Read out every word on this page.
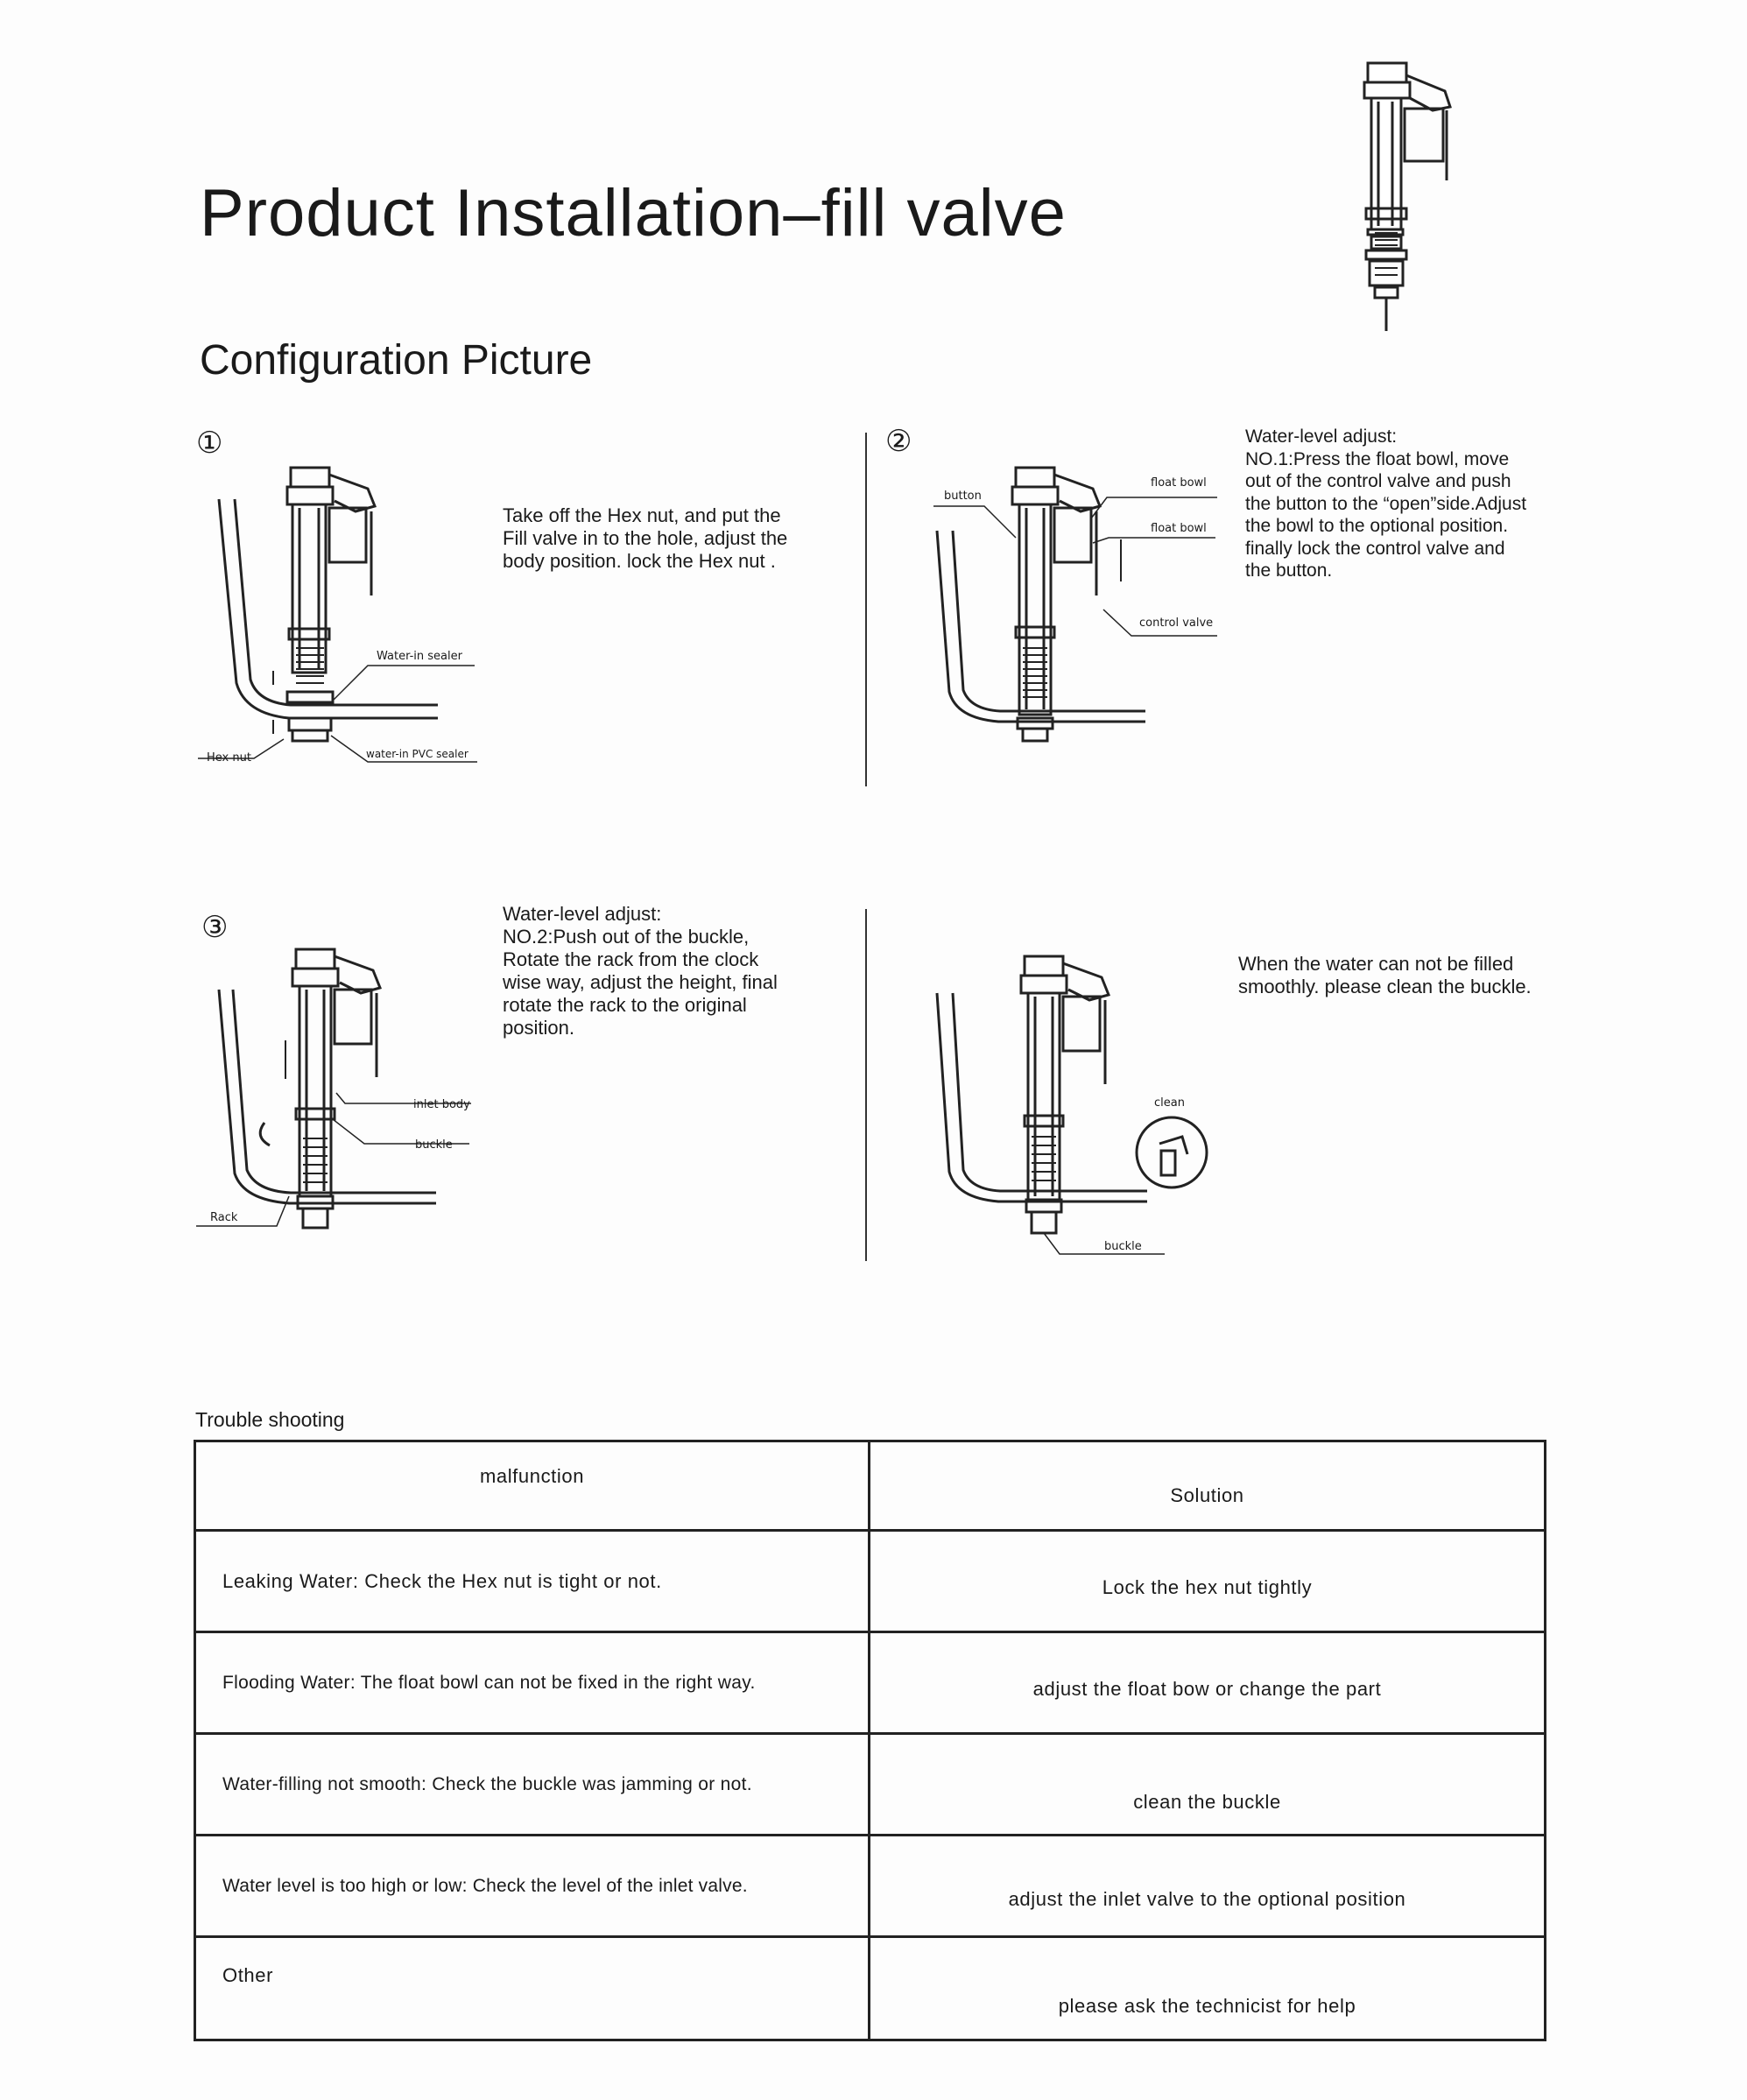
Product Installation–fill valve
Configuration Picture
①
Take off the Hex nut, and put the
Fill valve in to the hole, adjust the
body position. lock the Hex nut .
Water-in sealer
Hex nut	water-in PVC sealer
②	Water-level adjust:
NO.1:Press the float bowl, move
out of the control valve and push
the button to the “open”side.Adjust
the bowl to the optional position.
finally lock the control valve and
the button.
button
float bowl
float bowl
control valve
③	Water-level adjust:
NO.2:Push out of the buckle,
Rotate the rack from the clock
wise way, adjust the height, final
rotate the rack to the original
position.
inlet body
buckle
Rack
When the water can not be filled
smoothly. please clean the buckle.
clean
buckle
Trouble shooting
malfunction	Solution
Leaking Water: Check the Hex nut is tight or not.	Lock the hex nut tightly
Flooding Water: The float bowl can not be fixed in the right way.	adjust the float bow or change the part
Water-filling not smooth: Check the buckle was jamming or not.	clean the buckle
Water level is too high or low: Check the level of the inlet valve.	adjust the inlet valve to the optional position
Other	please ask the technicist for help
